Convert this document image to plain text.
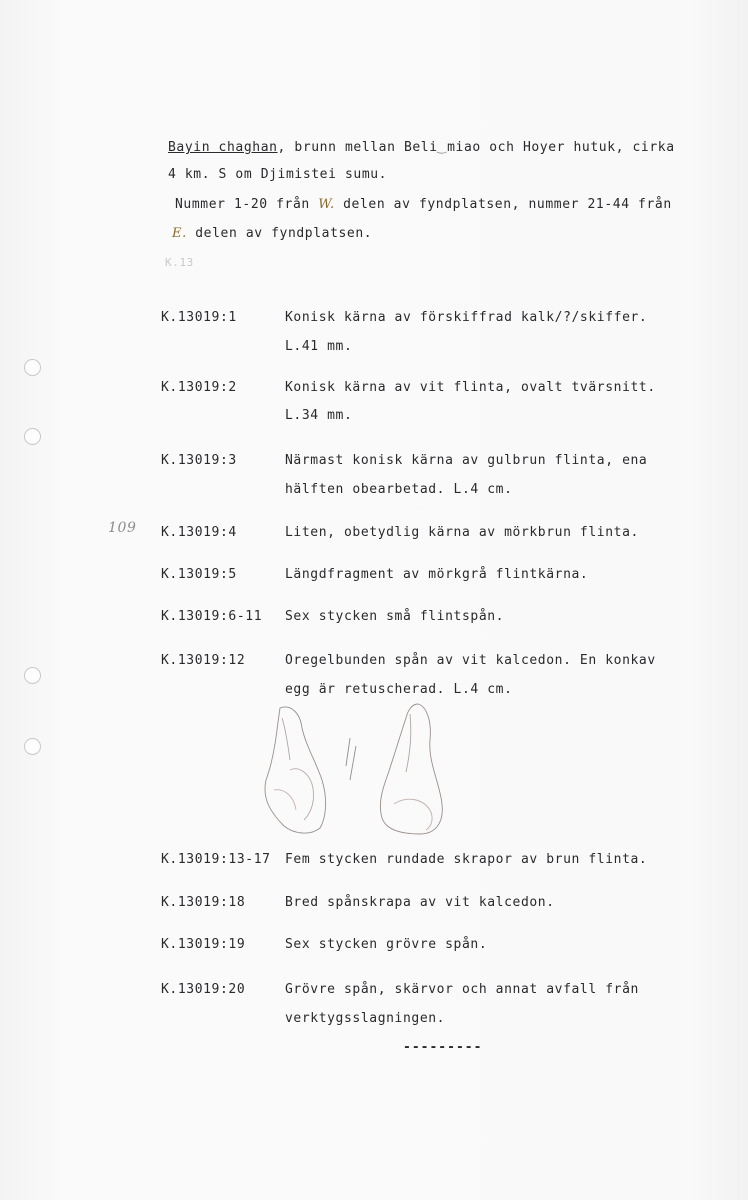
Bayin chaghan, brunn mellan Beli‿miao och Hoyer hutuk, cirka
4 km. S om Djimistei sumu.
Nummer 1-20 från W. delen av fyndplatsen, nummer 21-44 från
E. delen av fyndplatsen.
K.13
109
K.13019:1	Konisk kärna av förskiffrad kalk/?/skiffer.
L.41 mm.
K.13019:2	Konisk kärna av vit flinta, ovalt tvärsnitt.
L.34 mm.
K.13019:3	Närmast konisk kärna av gulbrun flinta, ena
hälften obearbetad. L.4 cm.
K.13019:4	Liten, obetydlig kärna av mörkbrun flinta.
K.13019:5	Längdfragment av mörkgrå flintkärna.
K.13019:6-11 Sex stycken små flintspån.
K.13019:12	Oregelbunden spån av vit kalcedon. En konkav
egg är retuscherad. L.4 cm.
K.13019:13-17 Fem stycken rundade skrapor av brun flinta.
K.13019:18	Bred spånskrapa av vit kalcedon.
K.13019:19	Sex stycken grövre spån.
K.13019:20	Grövre spån, skärvor och annat avfall från
verktygsslagningen.
---------
